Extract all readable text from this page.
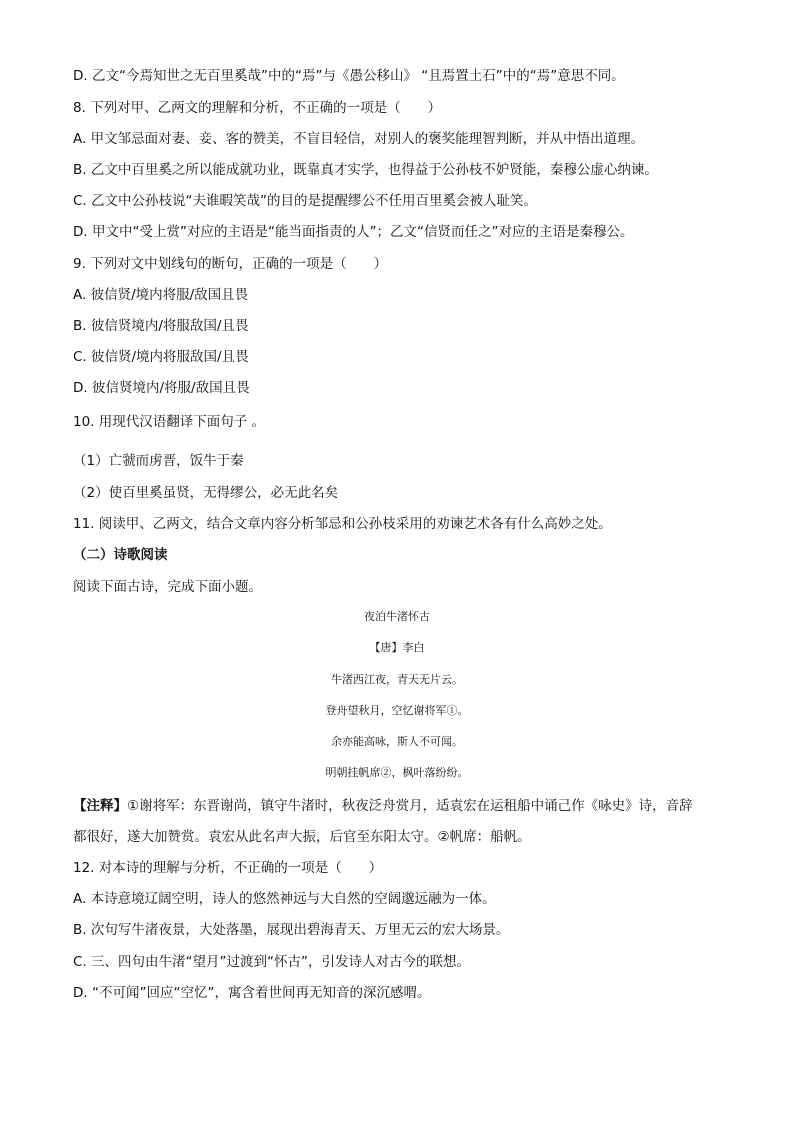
D. 乙文“今焉知世之无百里奚哉”中的“焉”与《愚公移山》 “且焉置土石”中的“焉”意思不同。
8. 下列对甲、乙两文的理解和分析，不正确的一项是（　　）
A. 甲文邹忌面对妻、妾、客的赞美，不盲目轻信，对别人的褒奖能理智判断，并从中悟出道理。
B. 乙文中百里奚之所以能成就功业，既靠真才实学，也得益于公孙枝不妒贤能，秦穆公虚心纳谏。
C. 乙文中公孙枝说“夫谁暇笑哉”的目的是提醒缪公不任用百里奚会被人耻笑。
D. 甲文中“受上赏”对应的主语是“能当面指责的人”；乙文“信贤而任之”对应的主语是秦穆公。
9. 下列对文中划线句的断句，正确的一项是（　　）
A. 彼信贤/境内将服/敌国且畏
B. 彼信贤境内/将服敌国/且畏
C. 彼信贤/境内将服敌国/且畏
D. 彼信贤境内/将服/敌国且畏
10. 用现代汉语翻译下面句子 。
（1）亡虢而虏晋，饭牛于秦
（2）使百里奚虽贤，无得缪公，必无此名矣
11. 阅读甲、乙两文，结合文章内容分析邹忌和公孙枝采用的劝谏艺术各有什么高妙之处。
（二）诗歌阅读
阅读下面古诗，完成下面小题。
夜泊牛渚怀古
【唐】李白
牛渚西江夜，青天无片云。
登舟望秋月，空忆谢将军①。
余亦能高咏，斯人不可闻。
明朝挂帆席②，枫叶落纷纷。
【注释】①谢将军：东晋谢尚，镇守牛渚时，秋夜泛舟赏月，适袁宏在运租船中诵己作《咏史》诗，音辞
都很好，遂大加赞赏。袁宏从此名声大振，后官至东阳太守。②帆席：船帆。
12. 对本诗的理解与分析，不正确的一项是（　　）
A. 本诗意境辽阔空明，诗人的悠然神远与大自然的空阔邈远融为一体。
B. 次句写牛渚夜景，大处落墨，展现出碧海青天、万里无云的宏大场景。
C. 三、四句由牛渚“望月”过渡到“怀古”，引发诗人对古今的联想。
D. “不可闻”回应“空忆”，寓含着世间再无知音的深沉感喟。
